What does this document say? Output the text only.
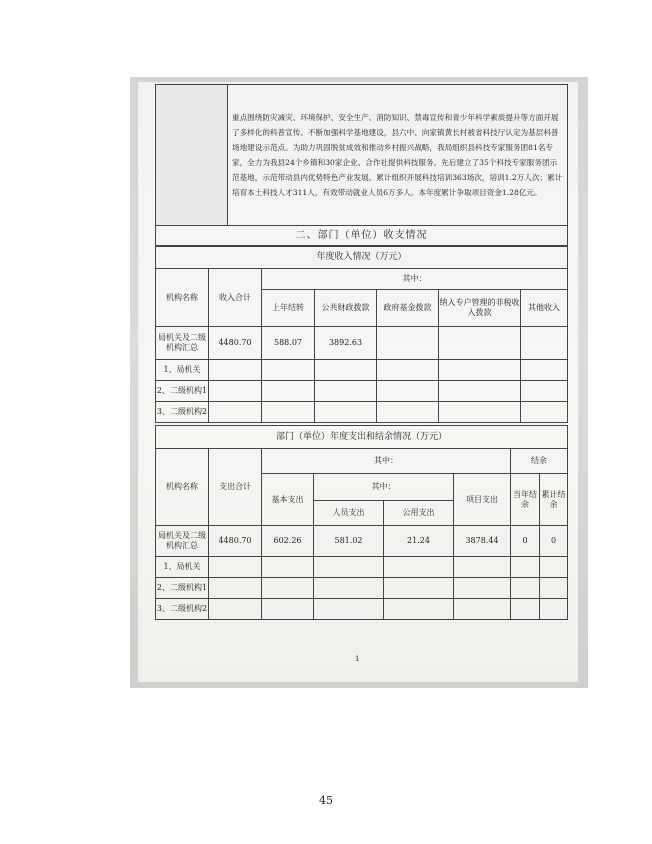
	重点围绕防灾减灾、环境保护、安全生产、消防知识、禁毒宣传和青少年科学素质提升等方面开展了多样化的科普宣传。不断加强科学基地建设，县六中、向家镇黄长村被省科技厅认定为基层科普场地建设示范点。为助力巩固脱贫成效和推动乡村振兴战略，我局组织县科技专家服务团81名专家，全力为我县24个乡镇和30家企业、合作社提供科技服务。先后建立了35个科技专家服务团示范基地，示范带动县内优势特色产业发展。累计组织开展科技培训363场次，培训1.2万人次；累计培育本土科技人才311人，有效带动就业人员6万多人。本年度累计争取项目资金1.28亿元。
二、部门（单位）收支情况
年度收入情况（万元）						
机构名称	收入合计	其中：				
		上年结转	公共财政拨款	政府基金拨款	纳入专户管理的非税收入拨款	其他收入
局机关及二级机构汇总	4480.70	588.07	3892.63			
1、局机关						
2、二级机构1						
3、二级机构2						
部门（单位）年度支出和结余情况（万元）							
机构名称	支出合计	其中：				结余	
		基本支出	其中：		项目支出	当年结余	累计结余
			人员支出	公用支出			
局机关及二级机构汇总	4480.70	602.26	581.02	21.24	3878.44	0	0
1、局机关							
2、二级机构1							
3、二级机构2							
1
45
